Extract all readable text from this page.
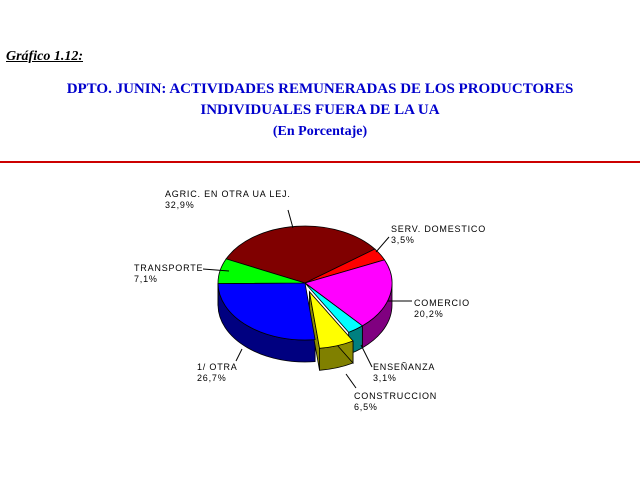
Gráfico 1.12:
DPTO. JUNIN: ACTIVIDADES REMUNERADAS DE LOS PRODUCTORES
INDIVIDUALES FUERA DE LA UA
(En Porcentaje)
AGRIC. EN OTRA UA LEJ.
32,9%
SERV. DOMESTICO
3,5%
COMERCIO
20,2%
ENSEÑANZA
3,1%
CONSTRUCCION
6,5%
1/ OTRA
26,7%
TRANSPORTE
7,1%
